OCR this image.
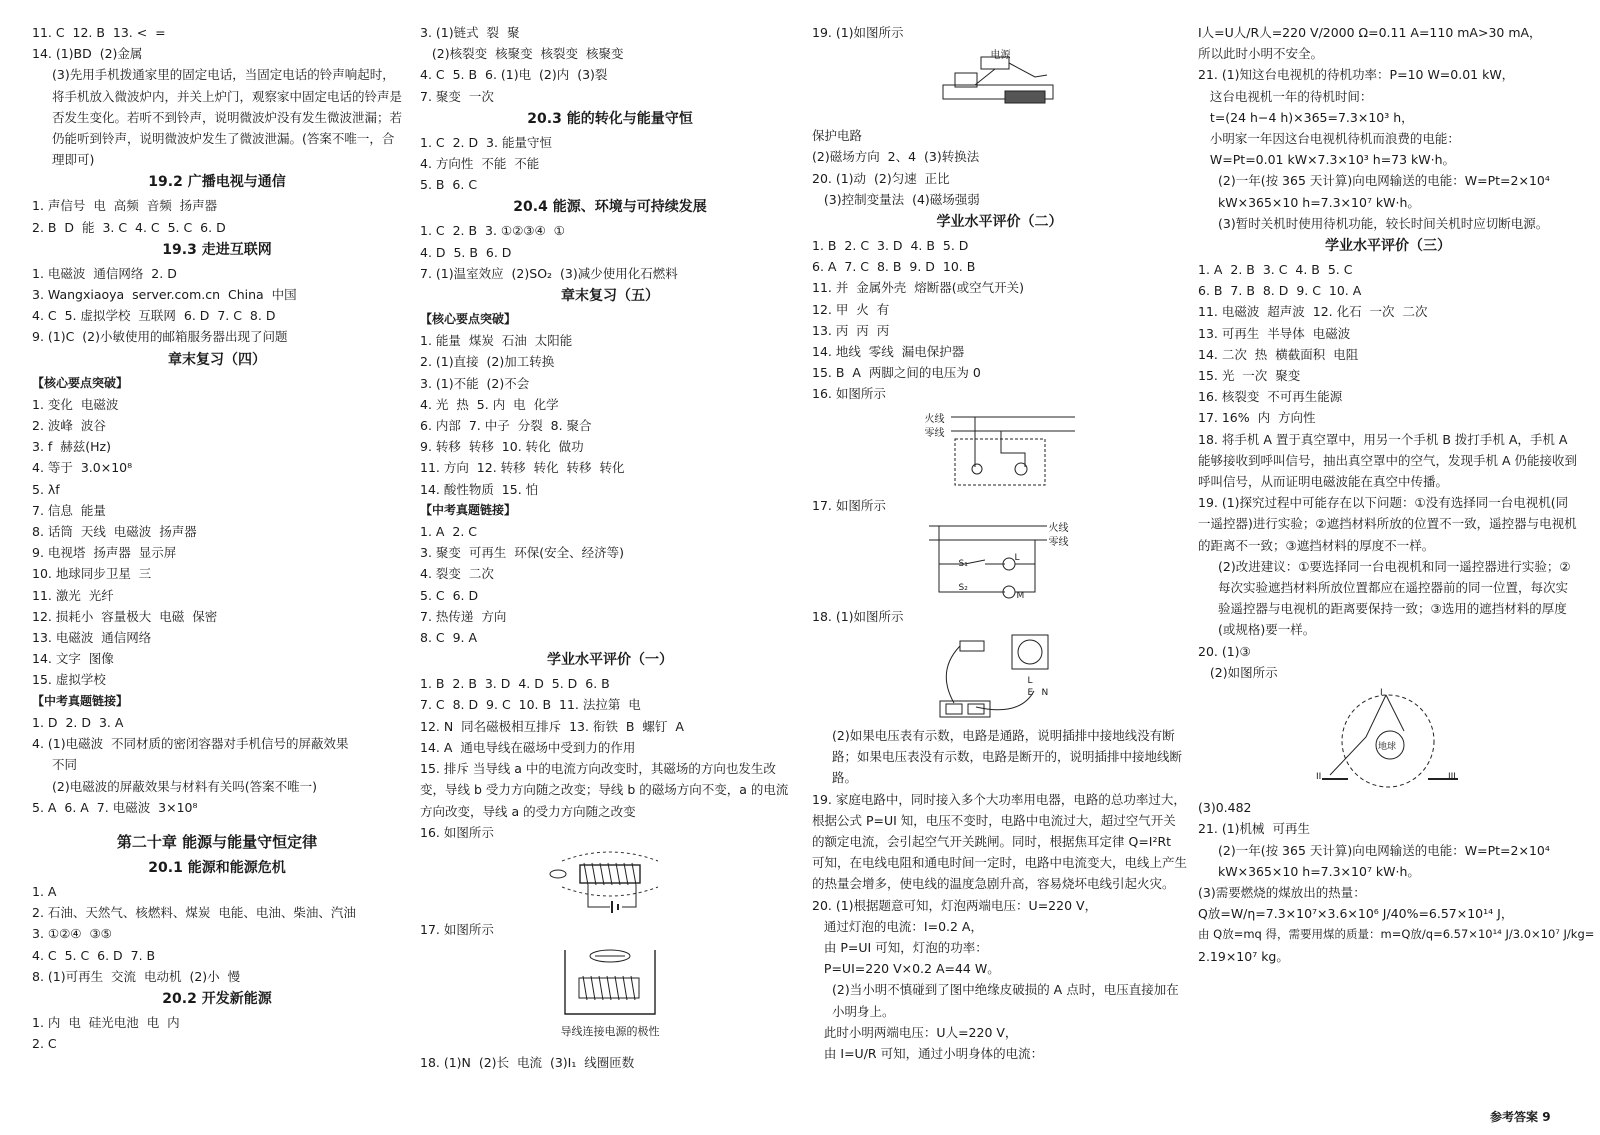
11. C  12. B  13. <  =
14. (1)BD  (2)金属
(3)先用手机拨通家里的固定电话，当固定电话的铃声响起时，将手机放入微波炉内，并关上炉门，观察家中固定电话的铃声是否发生变化。若听不到铃声，说明微波炉没有发生微波泄漏；若仍能听到铃声，说明微波炉发生了微波泄漏。(答案不唯一，合理即可)
19.2 广播电视与通信
1. 声信号  电  高频  音频  扬声器
2. B  D  能  3. C  4. C  5. C  6. D
19.3 走进互联网
1. 电磁波  通信网络  2. D
3. Wangxiaoya  server.com.cn  China  中国
4. C  5. 虚拟学校  互联网  6. D  7. C  8. D
9. (1)C  (2)小敏使用的邮箱服务器出现了问题
章末复习（四）
【核心要点突破】
1. 变化  电磁波
2. 波峰  波谷
3. f  赫兹(Hz)
4. 等于  3.0×10⁸
5. λf
7. 信息  能量
8. 话筒  天线  电磁波  扬声器
9. 电视塔  扬声器  显示屏
10. 地球同步卫星  三
11. 激光  光纤
12. 损耗小  容量极大  电磁  保密
13. 电磁波  通信网络
14. 文字  图像
15. 虚拟学校
【中考真题链接】
1. D  2. D  3. A
4. (1)电磁波  不同材质的密闭容器对手机信号的屏蔽效果
不同
(2)电磁波的屏蔽效果与材料有关吗(答案不唯一)
5. A  6. A  7. 电磁波  3×10⁸
第二十章 能源与能量守恒定律
20.1 能源和能源危机
1. A
2. 石油、天然气、核燃料、煤炭  电能、电油、柴油、汽油
3. ①②④  ③⑤
4. C  5. C  6. D  7. B
8. (1)可再生  交流  电动机  (2)小  慢
20.2 开发新能源
1. 内  电  硅光电池  电  内
2. C
3. (1)链式  裂  聚
(2)核裂变  核聚变  核裂变  核聚变
4. C  5. B  6. (1)电  (2)内  (3)裂
7. 聚变  一次
20.3 能的转化与能量守恒
1. C  2. D  3. 能量守恒
4. 方向性  不能  不能
5. B  6. C
20.4 能源、环境与可持续发展
1. C  2. B  3. ①②③④  ①
4. D  5. B  6. D
7. (1)温室效应  (2)SO₂  (3)减少使用化石燃料
章末复习（五）
【核心要点突破】
1. 能量  煤炭  石油  太阳能
2. (1)直接  (2)加工转换
3. (1)不能  (2)不会
4. 光  热  5. 内  电  化学
6. 内部  7. 中子  分裂  8. 聚合
9. 转移  转移  10. 转化  做功
11. 方向  12. 转移  转化  转移  转化
14. 酸性物质  15. 怕
【中考真题链接】
1. A  2. C
3. 聚变  可再生  环保(安全、经济等)
4. 裂变  二次
5. C  6. D
7. 热传递  方向
8. C  9. A
学业水平评价（一）
1. B  2. B  3. D  4. D  5. D  6. B
7. C  8. D  9. C  10. B  11. 法拉第  电
12. N  同名磁极相互排斥  13. 衔铁  B  螺钉  A
14. A  通电导线在磁场中受到力的作用
15. 排斥 当导线 a 中的电流方向改变时，其磁场的方向也发生改变，导线 b 受力方向随之改变；导线 b 的磁场方向不变，a 的电流方向改变，导线 a 的受力方向随之改变
16. 如图所示
17. 如图所示
导线连接电源的极性
18. (1)N  (2)长  电流  (3)I₁  线圈匝数
19. (1)如图所示
电源
保护电路
(2)磁场方向  2、4  (3)转换法
20. (1)动  (2)匀速  正比
(3)控制变量法  (4)磁场强弱
学业水平评价（二）
1. B  2. C  3. D  4. B  5. D
6. A  7. C  8. B  9. D  10. B
11. 并  金属外壳  熔断器(或空气开关)
12. 甲  火  有
13. 丙  丙  丙
14. 地线  零线  漏电保护器
15. B  A  两脚之间的电压为 0
16. 如图所示
火线
零线
17. 如图所示
火线
零线
S₁
S₂
L
M
18. (1)如图所示
L
E N
(2)如果电压表有示数，电路是通路，说明插排中接地线没有断路；如果电压表没有示数，电路是断开的，说明插排中接地线断路。
19. 家庭电路中，同时接入多个大功率用电器，电路的总功率过大，根据公式 P=UI 知，电压不变时，电路中电流过大，超过空气开关的额定电流，会引起空气开关跳闸。同时，根据焦耳定律 Q=I²Rt 可知，在电线电阻和通电时间一定时，电路中电流变大，电线上产生的热量会增多，使电线的温度急剧升高，容易烧坏电线引起火灾。
20. (1)根据题意可知，灯泡两端电压：U=220 V，
通过灯泡的电流：I=0.2 A，
由 P=UI 可知，灯泡的功率：
P=UI=220 V×0.2 A=44 W。
(2)当小明不慎碰到了图中绝缘皮破损的 A 点时，电压直接加在小明身上。
此时小明两端电压：U人=220 V，
由 I=U/R 可知，通过小明身体的电流：
I人=U人/R人=220 V/2000 Ω=0.11 A=110 mA>30 mA，
所以此时小明不安全。
21. (1)知这台电视机的待机功率：P=10 W=0.01 kW，
这台电视机一年的待机时间：
t=(24 h−4 h)×365=7.3×10³ h，
小明家一年因这台电视机待机而浪费的电能：
W=Pt=0.01 kW×7.3×10³ h=73 kW·h。
(2)一年(按 365 天计算)向电网输送的电能：W=Pt=2×10⁴ kW×365×10 h=7.3×10⁷ kW·h。
(3)暂时关机时使用待机功能，较长时间关机时应切断电源。
学业水平评价（三）
1. A  2. B  3. C  4. B  5. C
6. B  7. B  8. D  9. C  10. A
11. 电磁波  超声波  12. 化石  一次  二次
13. 可再生  半导体  电磁波
14. 二次  热  横截面积  电阻
15. 光  一次  聚变
16. 核裂变  不可再生能源
17. 16%  内  方向性
18. 将手机 A 置于真空罩中，用另一个手机 B 拨打手机 A，手机 A 能够接收到呼叫信号，抽出真空罩中的空气，发现手机 A 仍能接收到呼叫信号，从而证明电磁波能在真空中传播。
19. (1)探究过程中可能存在以下问题：①没有选择同一台电视机(同一遥控器)进行实验；②遮挡材料所放的位置不一致，遥控器与电视机的距离不一致；③遮挡材料的厚度不一样。
(2)改进建议：①要选择同一台电视机和同一遥控器进行实验；②每次实验遮挡材料所放位置都应在遥控器前的同一位置，每次实验遥控器与电视机的距离要保持一致；③选用的遮挡材料的厚度(或规格)要一样。
20. (1)③
(2)如图所示
I
地球
II	III
(3)0.482
21. (1)机械  可再生
(2)一年(按 365 天计算)向电网输送的电能：W=Pt=2×10⁴ kW×365×10 h=7.3×10⁷ kW·h。
(3)需要燃烧的煤放出的热量：
Q放=W/η=7.3×10⁷×3.6×10⁶ J/40%=6.57×10¹⁴ J，
由 Q放=mq 得，需要用煤的质量：m=Q放/q=6.57×10¹⁴ J/3.0×10⁷ J/kg=
2.19×10⁷ kg。
参考答案 9
